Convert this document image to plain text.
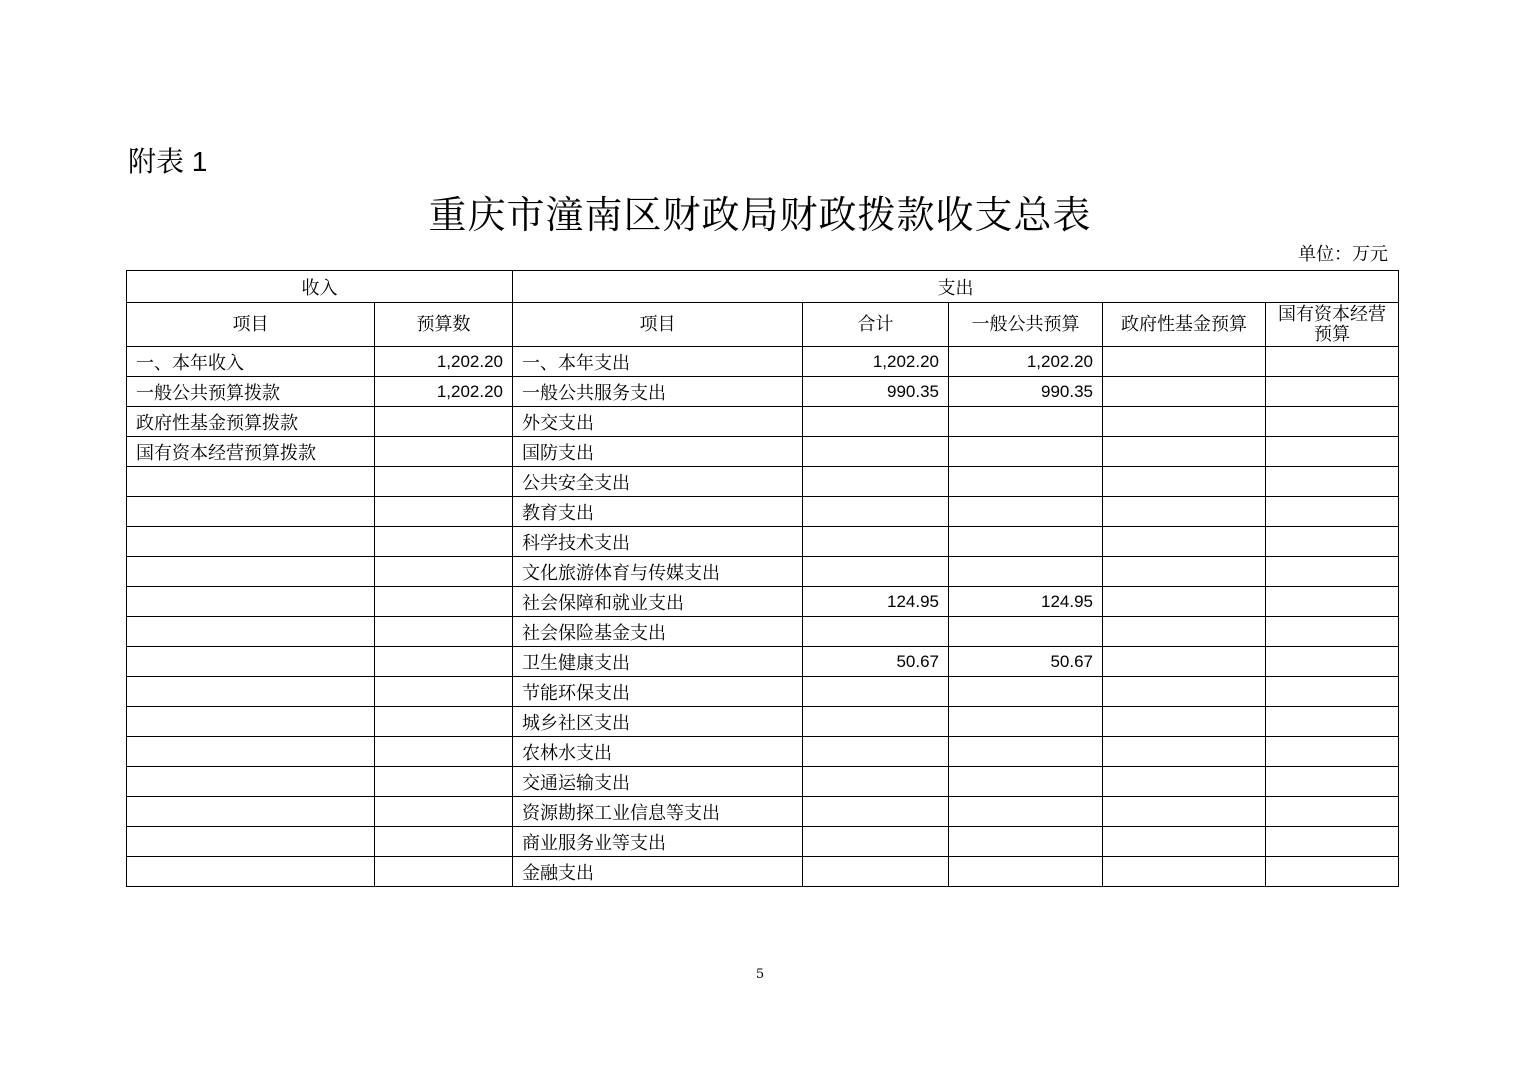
附表 1
重庆市潼南区财政局财政拨款收支总表
单位：万元
收入		支出				
项目	预算数	项目	合计	一般公共预算	政府性基金预算	国有资本经营预算
一、本年收入	1,202.20	一、本年支出	1,202.20	1,202.20		
一般公共预算拨款	1,202.20	一般公共服务支出	990.35	990.35		
政府性基金预算拨款		外交支出				
国有资本经营预算拨款		国防支出				
		公共安全支出				
		教育支出				
		科学技术支出				
		文化旅游体育与传媒支出				
		社会保障和就业支出	124.95	124.95		
		社会保险基金支出				
		卫生健康支出	50.67	50.67		
		节能环保支出				
		城乡社区支出				
		农林水支出				
		交通运输支出				
		资源勘探工业信息等支出				
		商业服务业等支出				
		金融支出				
5
